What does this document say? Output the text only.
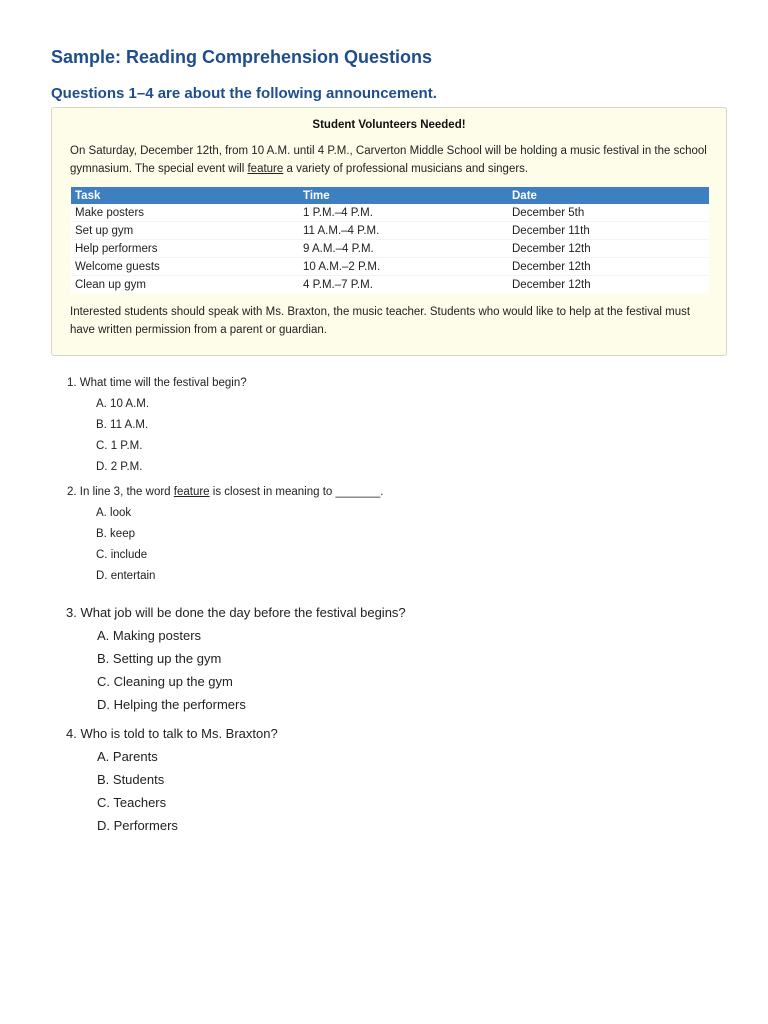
Sample: Reading Comprehension Questions
Questions 1–4 are about the following announcement.
Student Volunteers Needed!

On Saturday, December 12th, from 10 A.M. until 4 P.M., Carverton Middle School will be holding a music festival in the school gymnasium. The special event will feature a variety of professional musicians and singers.

Task	Time	Date
Make posters	1 P.M.–4 P.M.	December 5th
Set up gym	11 A.M.–4 P.M.	December 11th
Help performers	9 A.M.–4 P.M.	December 12th
Welcome guests	10 A.M.–2 P.M.	December 12th
Clean up gym	4 P.M.–7 P.M.	December 12th

Interested students should speak with Ms. Braxton, the music teacher. Students who would like to help at the festival must have written permission from a parent or guardian.

1. What time will the festival begin?

A. 10 A.M.

B. 11 A.M.

C. 1 P.M.

D. 2 P.M.

2. In line 3, the word feature is closest in meaning to _______.

A. look

B. keep

C. include

D. entertain

3. What job will be done the day before the festival begins?

A. Making posters

B. Setting up the gym

C. Cleaning up the gym

D. Helping the performers

4. Who is told to talk to Ms. Braxton?

A. Parents

B. Students

C. Teachers

D. Performers
